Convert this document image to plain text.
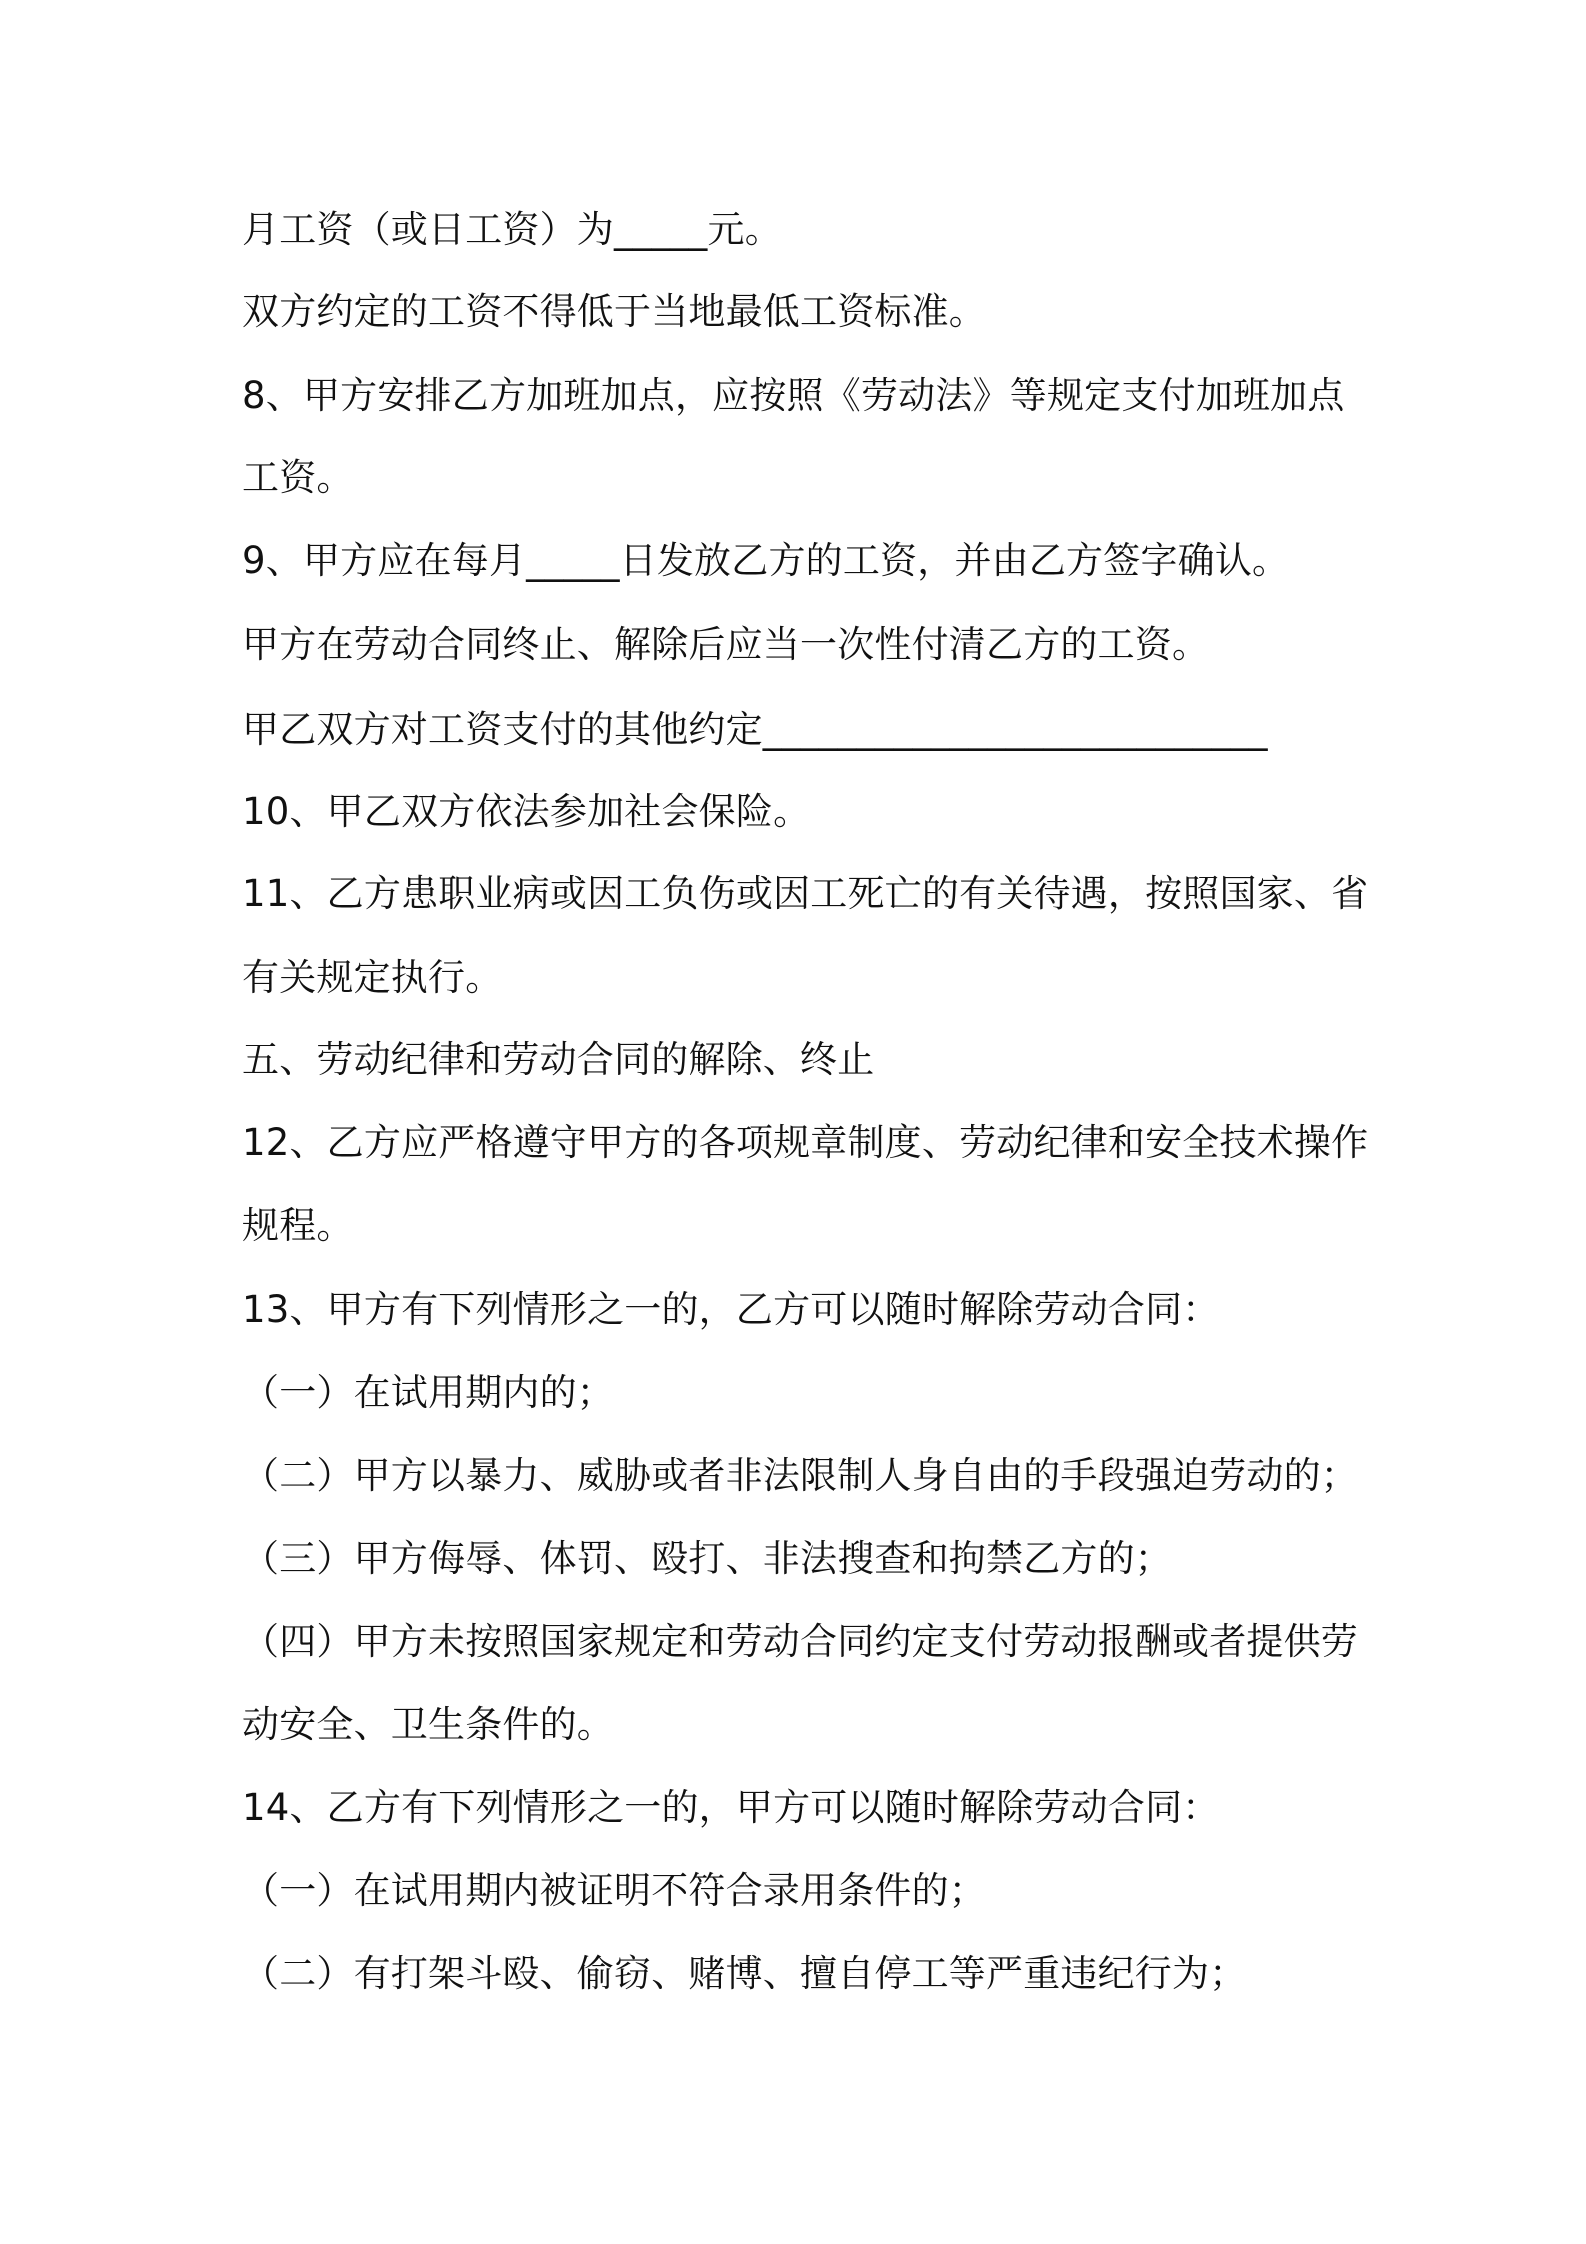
月工资（或日工资）为_____元。
双方约定的工资不得低于当地最低工资标准。
8、甲方安排乙方加班加点，应按照《劳动法》等规定支付加班加点
工资。
9、甲方应在每月_____日发放乙方的工资，并由乙方签字确认。
甲方在劳动合同终止、解除后应当一次性付清乙方的工资。
甲乙双方对工资支付的其他约定___________________________
10、甲乙双方依法参加社会保险。
11、乙方患职业病或因工负伤或因工死亡的有关待遇，按照国家、省
有关规定执行。
五、劳动纪律和劳动合同的解除、终止
12、乙方应严格遵守甲方的各项规章制度、劳动纪律和安全技术操作
规程。
13、甲方有下列情形之一的，乙方可以随时解除劳动合同：
（一）在试用期内的；
（二）甲方以暴力、威胁或者非法限制人身自由的手段强迫劳动的；
（三）甲方侮辱、体罚、殴打、非法搜查和拘禁乙方的；
（四）甲方未按照国家规定和劳动合同约定支付劳动报酬或者提供劳
动安全、卫生条件的。
14、乙方有下列情形之一的，甲方可以随时解除劳动合同：
（一）在试用期内被证明不符合录用条件的；
（二）有打架斗殴、偷窃、赌博、擅自停工等严重违纪行为；
